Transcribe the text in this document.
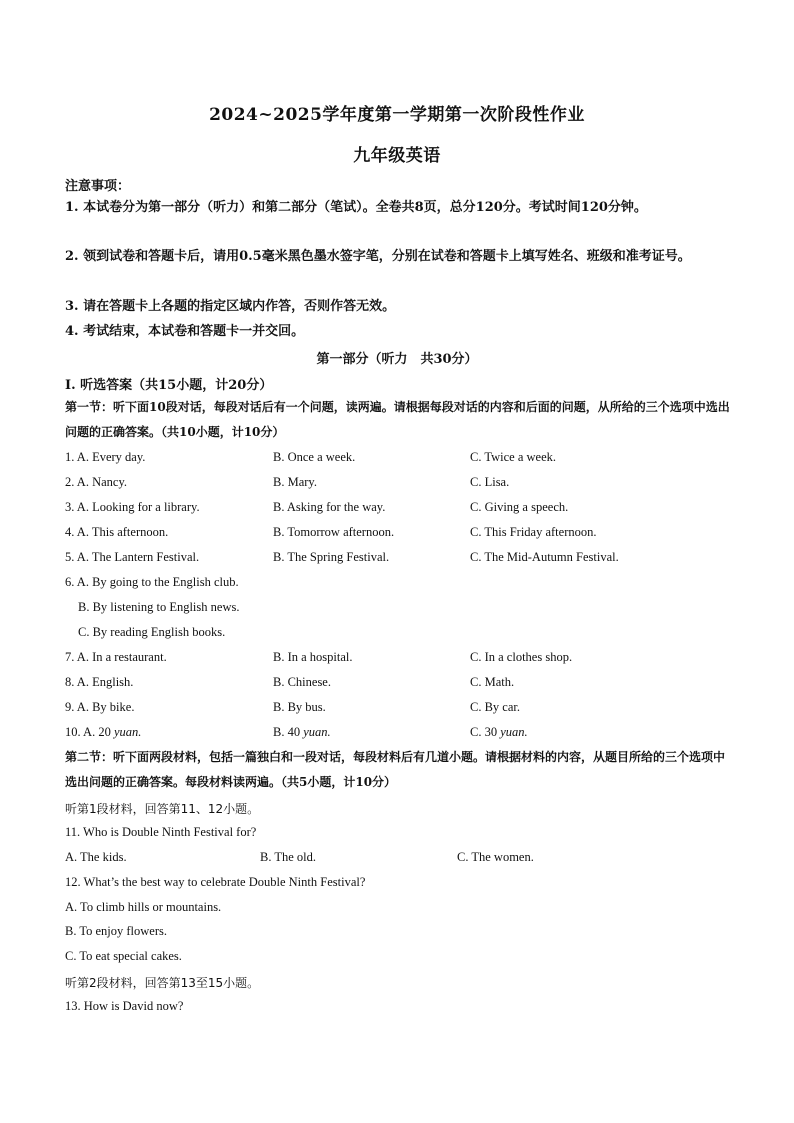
2024~2025学年度第一学期第一次阶段性作业
九年级英语
注意事项：
1. 本试卷分为第一部分（听力）和第二部分（笔试）。全卷共8页，总分120分。考试时间120分钟。
2. 领到试卷和答题卡后，请用0.5毫米黑色墨水签字笔，分别在试卷和答题卡上填写姓名、班级和准考证号。
3. 请在答题卡上各题的指定区域内作答，否则作答无效。
4. 考试结束，本试卷和答题卡一并交回。
第一部分（听力　共30分）
Ⅰ. 听选答案（共15小题，计20分）
第一节：听下面10段对话，每段对话后有一个问题，读两遍。请根据每段对话的内容和后面的问题，从所给的三个选项中选出问题的正确答案。（共10小题，计10分）
1. A. Every day.	B. Once a week.	C. Twice a week.
2. A. Nancy.	B. Mary.	C. Lisa.
3. A. Looking for a library.	B. Asking for the way.	C. Giving a speech.
4. A. This afternoon.	B. Tomorrow afternoon.	C. This Friday afternoon.
5. A. The Lantern Festival.	B. The Spring Festival.	C. The Mid-Autumn Festival.
6. A. By going to the English club.
B. By listening to English news.
C. By reading English books.
7. A. In a restaurant.	B. In a hospital.	C. In a clothes shop.
8. A. English.	B. Chinese.	C. Math.
9. A. By bike.	B. By bus.	C. By car.
10. A. 20 yuan.	B. 40 yuan.	C. 30 yuan.
第二节：听下面两段材料，包括一篇独白和一段对话，每段材料后有几道小题。请根据材料的内容，从题目所给的三个选项中选出问题的正确答案。每段材料读两遍。（共5小题，计10分）
听第1段材料，回答第11、12小题。
11. Who is Double Ninth Festival for?
A. The kids.	B. The old.	C. The women.
12. What’s the best way to celebrate Double Ninth Festival?
A. To climb hills or mountains.
B. To enjoy flowers.
C. To eat special cakes.
听第2段材料，回答第13至15小题。
13. How is David now?
